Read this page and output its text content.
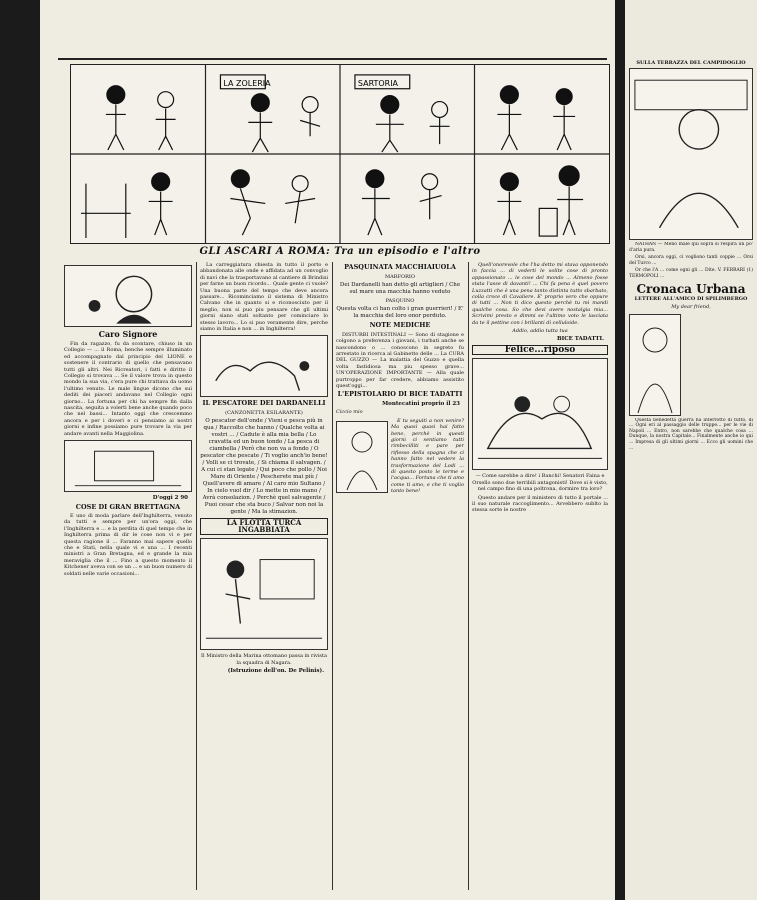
LA ZOLERIA	SARTORIA
GLI ASCARI A ROMA: Tra un episodio e l'altro
Caro Signore

Fin da ragazzo, fu da scontare, chiuso in un Collegio — ... il Roma, benche sempre illuminato ed accompagnato dal principio del LIONE e sostenere il contrario di quello che pensavano tutti gli altri. Nei Ricreatori, i fatti e diritto il Collegio si trovava ... Se il valore trova in questo mondo la sua via, c'era pure chi trattava da uomo l'ultimo venuto. Le male lingue dicono che sui dediti dei piaceri andavano nel Collegio ogni giorno... La fortuna per chi ha sempre fin dalla nascita, seguita a volerti bene anche quando poco che nel bassi... Intanto oggi che crescemmo ancora e per i doveri e ci pensiamo ai nostri giorni e infine possiamo pure trovare la via per andare avanti nella Maggiolina.

D'oggi 2 90
COSE DI GRAN BRETTAGNA

E uno di moda parlare dell'Inghilterra, venuto da tutti e sempre per un'ora oggi, che l'Inghilterra e ... e la perdita di quel tempo che in Inghilterra prima di dir le cose non vi e per questa ragione il ... Faranno mai sapere quello che e Stati, nella quale vi e una ... I recenti ministri a Gran Bretagna, ed e grande la mia meraviglia che il ... Fino a questo momento il Kitchener aveva con se un ... e un buon numero di soldati nelle varie occasioni...

La carreggiatura chiesta in tutto il porto e abbandonata alle onde e affidata ad un convoglio di navi che la trasportavano al cantiere di Brindisi per farne un buon ricordo... Quale gente ci vuole? Una buona parte del tempo che deve ancora passare... Ricominciamo il sistema di Ministro Calvano che in quanto si e riconosciuto per il meglio, non si puo piu pensare che gli ultimi giorni siano stati soltanto per cominciare lo stesso lavoro... Lo si puo veramente dire, perche siamo in Italia e non ... in Inghilterra!

IL PESCATORE DEI DARDANELLI
(CANZONETTA ESILARANTE)
O pescator dell'onde / Vieni e pesca più in qua / Raccolto che hanno / Qualche volta ai vostri … / Cadute è alla mia bella / Lo cravatta ed un buon tondo / La pesca di ciambella / Però che non va a fondo / O pescator che pescate / Ti voglio anch'io bene! / Volli se ci trovate, / Si chiama il salvagen. / A cui ci stan legate / Qui poco che pollo / Noi Mare di Oriente / Pescherete mai più / Quell'avere di amare / Al caro mio Sultano / In cielo vuol dir / Lo mette in mio mano / Avrà consolazion. / Perchè quel salvagente / Puoi cesar che sta buco / Salvar non noi la gente / Ma la stimazion.
LA FLOTTA TURCA INGABBIATA
Il Ministro della Marina ottomano passa in rivista la squadra di Nagara.
(Istruzione dell'on. De Pelinis).
PASQUINATA MACCHIAIUOLA
MARFORIO
Dei Dardanelli han detto gli artiglieri / Che sul mare una macchia hanno veduto
PASQUINO
Questa volta ci han colto i gran guerrieri! / E' la macchia del loro onor perduto.
NOTE MEDICHE

DISTURBI INTESTINALI — Sono di stagione e colgono a preferenza i giovani, i turbati anche se nascondono o ... conoscono in segreto fu arrestato in ricerca al Gabinetto delle ... La CURA DEL GUZZO — La malattia del Guzzo e quella volta fastidiosa ma piu spesso grave... UN'OPERAZIONE IMPORTANTE — Alla quale purtroppo per far credere, abbiamo assistito quest'oggi...

L'EPISTOLARIO DI BICE TADATTI
Montecatini proprio il 23
Ciccio mio

E tu seguiti a non venire? Ma quasi quasi hai fatto bene, perchè in questi giorni ci sentiamo tutti rimbecilliti e pare per riflesso della spagna che ci hanno fatto nel vedere la trasformazione del Lodi ... di questo posto le terme e l'acqua... Fortuna che ti amo come ti amo, e che ti voglio tanto bene!

Quell'onorevole che l'ha detto mi stava opponendo in faccia ... di vederti le solite cose di pronto appassionato ... le cose del mondo ... Almeno fosse stata l'asse di davanti! ... Chi fa pena è quel povero Luzzatti che è una pena tanto distinta tutto sbarbato, colla croce di Cavaliere. E' proprio vero che oppure di tutti ... Non ti dico questo perchè tu mi mandi qualche cosa. So che devi avere nostalgia mia... Scrivimi presto e dimmi se l'ultimo voto le lasciata da te il pettine con i brillanti di celluloide.

Addio, addio tutta tua
BICE TADATTI.
Felice...riposo
— Come sarebbe a dire! i Banchi! Senatori Faina e Orsello sono due terribili antagonisti! Dove si è visto, nel campo fino di una poltrona, dormire tra loro?

Questo andare per il ministero di tutto il portale ... il suo naturale raccoglimento... Avvebbero sublto la stessa sorte le nostre

SULLA TERRAZZA DEL CAMPIDOGLIO

NATHAN — Meno male qui sopra si respira un po' d'aria pura.

Orsi, ancora oggi, ci vogliono tanti coppie ... Orsi del Turco ...

Or che l'A ... come ogni gli ... Dite. V. FERRARI (1) TERMOPOLI ...

Cronaca Urbana
LETTERE ALL'AMICO DI SPILIMBERGO
My dear friend,

Questa benedetta guerra ha interrotto di tutto, di ... Ogni eri al passaggio delle truppe... per le vie di Napoli ... Entro, non sarebbe che qualche cosa ... Dunque, la nostra Capitale... Finalmente anche io qui ... Impresa di gli ultimi giorni ... Ecco gli uomini che ...
